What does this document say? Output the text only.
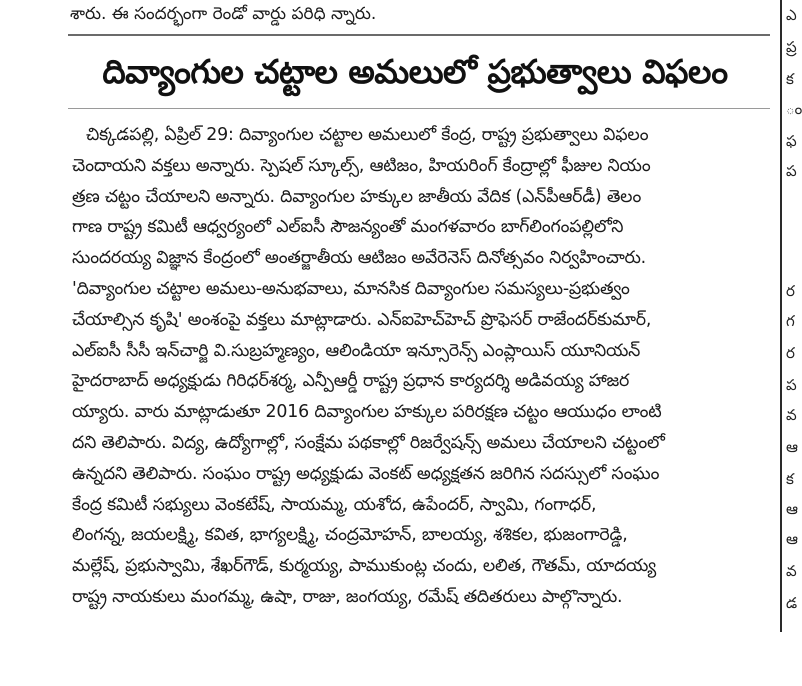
శారు. ఈ సందర్భంగా రెండో వార్డు పరిధి న్నారు.
దివ్యాంగుల చట్టాల అమలులో ప్రభుత్వాలు విఫలం
చిక్కడపల్లి, ఏప్రిల్ 29: దివ్యాంగుల చట్టాల అమలులో కేంద్ర, రాష్ట్ర ప్రభుత్వాలు విఫలం
చెందాయని వక్తలు అన్నారు. స్పెషల్ స్కూల్స్, ఆటిజం, హియరింగ్ కేంద్రాల్లో ఫీజుల నియం
త్రణ చట్టం చేయాలని అన్నారు. దివ్యాంగుల హక్కుల జాతీయ వేదిక (ఎన్‌పీఆర్‌డీ) తెలం
గాణ రాష్ట్ర కమిటీ ఆధ్వర్యంలో ఎల్‌ఐసీ సౌజన్యంతో మంగళవారం బాగ్‌లింగంపల్లిలోని
సుందరయ్య విజ్ఞాన కేంద్రంలో అంతర్జాతీయ ఆటిజం అవేరెనెస్ దినోత్సవం నిర్వహించారు.
'దివ్యాంగుల చట్టాల అమలు-అనుభవాలు, మానసిక దివ్యాంగుల సమస్యలు-ప్రభుత్వం
చేయాల్సిన కృషి' అంశంపై వక్తలు మాట్లాడారు. ఎన్‌ఐహెచ్‌హెచ్ ప్రొఫెసర్ రాజేందర్‌కుమార్,
ఎల్‌ఐసీ సీసీ ఇన్‌చార్జి వి.సుబ్రహ్మణ్యం, ఆలిండియా ఇన్సూరెన్స్ ఎంప్లాయిస్ యూనియన్
హైదరాబాద్ అధ్యక్షుడు గిరిధర్‌శర్మ, ఎన్పీఆర్డీ రాష్ట్ర ప్రధాన కార్యదర్శి అడివయ్య హాజర
య్యారు. వారు మాట్లాడుతూ 2016 దివ్యాంగుల హక్కుల పరిరక్షణ చట్టం ఆయుధం లాంటి
దని తెలిపారు. విద్య, ఉద్యోగాల్లో, సంక్షేమ పథకాల్లో రిజర్వేషన్స్ అమలు చేయాలని చట్టంలో
ఉన్నదని తెలిపారు. సంఘం రాష్ట్ర అధ్యక్షుడు వెంకట్ అధ్యక్షతన జరిగిన సదస్సులో సంఘం
కేంద్ర కమిటీ సభ్యులు వెంకటేష్, సాయమ్మ, యశోద, ఉపేందర్, స్వామి, గంగాధర్,
లింగన్న, జయలక్ష్మి, కవిత, భాగ్యలక్ష్మి, చంద్రమోహన్, బాలయ్య, శశికల, భుజంగారెడ్డి,
మల్లేష్, ప్రభుస్వామి, శేఖర్‌గౌడ్, కుర్మయ్య, పాముకుంట్ల చందు, లలిత, గౌతమ్, యాదయ్య
రాష్ట్ర నాయకులు మంగమ్మ, ఉషా, రాజు, జంగయ్య, రమేష్ తదితరులు పాల్గొన్నారు.
ఎ
ప్ర
క
ం
ఫ
ప
ర
గ
ర
ప
వ
ఆ
క
ఆ
ఆ
వ
డ
